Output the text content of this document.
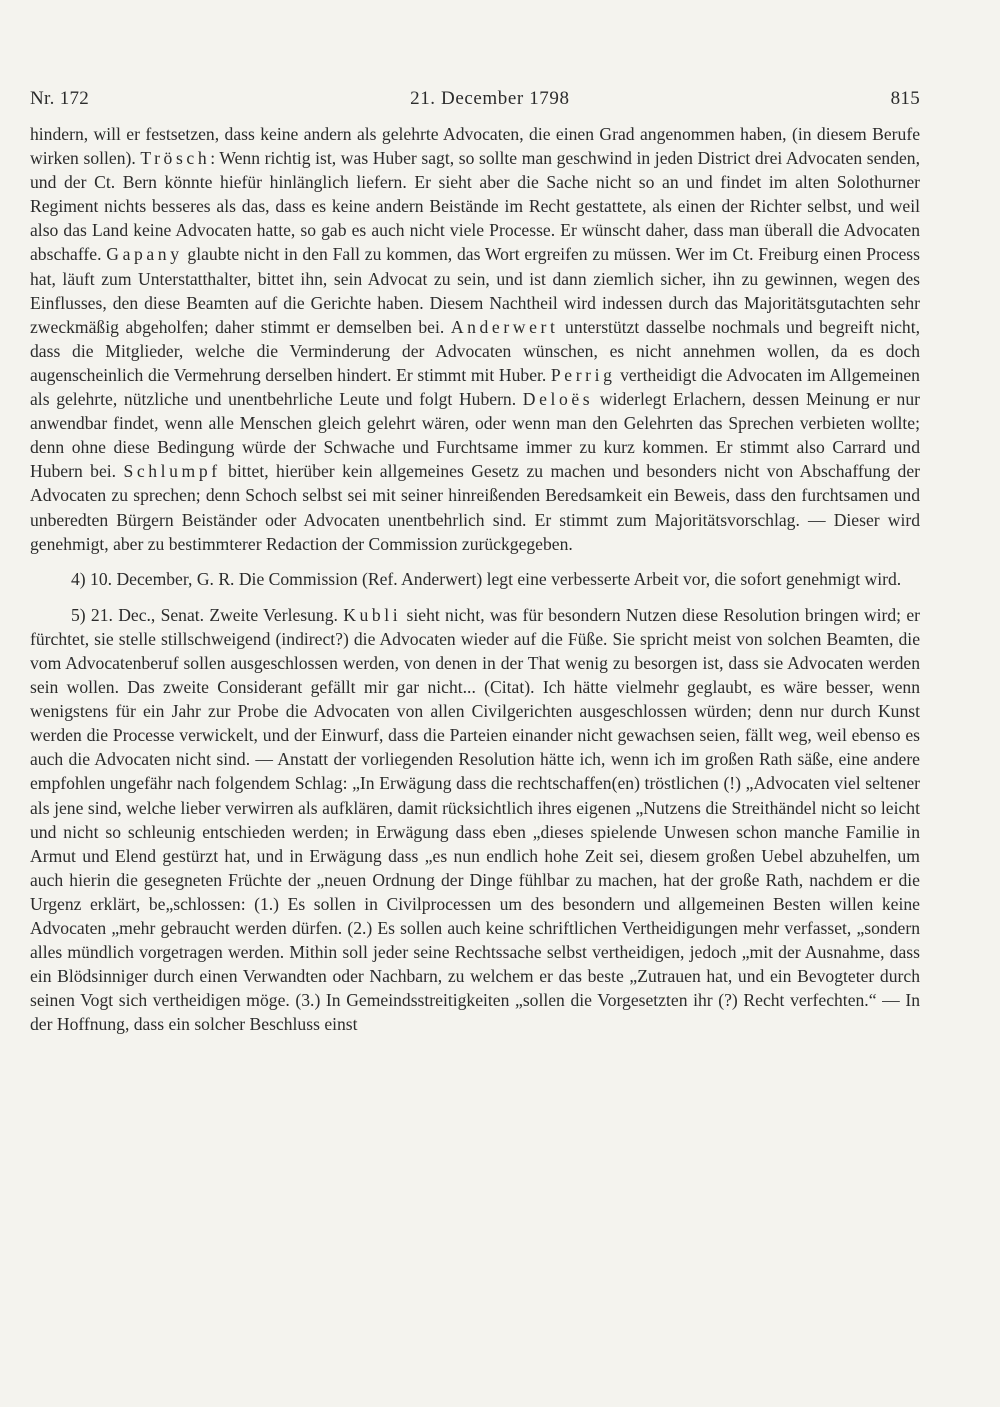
Nr. 172	21. December 1798	815

hindern, will er festsetzen, dass keine andern als gelehrte Advocaten, die einen Grad angenommen haben, (in diesem Berufe wirken sollen). Trösch: Wenn richtig ist, was Huber sagt, so sollte man geschwind in jeden District drei Advocaten senden, und der Ct. Bern könnte hiefür hinlänglich liefern. Er sieht aber die Sache nicht so an und findet im alten Solothurner Regiment nichts besseres als das, dass es keine andern Beistände im Recht gestattete, als einen der Richter selbst, und weil also das Land keine Advocaten hatte, so gab es auch nicht viele Processe. Er wünscht daher, dass man überall die Advocaten abschaffe. Gapany glaubte nicht in den Fall zu kommen, das Wort ergreifen zu müssen. Wer im Ct. Freiburg einen Process hat, läuft zum Unterstatthalter, bittet ihn, sein Advocat zu sein, und ist dann ziemlich sicher, ihn zu gewinnen, wegen des Einflusses, den diese Beamten auf die Gerichte haben. Diesem Nachtheil wird indessen durch das Majoritätsgutachten sehr zweckmäßig abgeholfen; daher stimmt er demselben bei. Anderwert unterstützt dasselbe nochmals und begreift nicht, dass die Mitglieder, welche die Verminderung der Advocaten wünschen, es nicht annehmen wollen, da es doch augenscheinlich die Vermehrung derselben hindert. Er stimmt mit Huber. Perrig vertheidigt die Advocaten im Allgemeinen als gelehrte, nützliche und unentbehrliche Leute und folgt Hubern. Deloës widerlegt Erlachern, dessen Meinung er nur anwendbar findet, wenn alle Menschen gleich gelehrt wären, oder wenn man den Gelehrten das Sprechen verbieten wollte; denn ohne diese Bedingung würde der Schwache und Furchtsame immer zu kurz kommen. Er stimmt also Carrard und Hubern bei. Schlumpf bittet, hierüber kein allgemeines Gesetz zu machen und besonders nicht von Abschaffung der Advocaten zu sprechen; denn Schoch selbst sei mit seiner hinreißenden Beredsamkeit ein Beweis, dass den furchtsamen und unberedten Bürgern Beiständer oder Advocaten unentbehrlich sind. Er stimmt zum Majoritätsvorschlag. — Dieser wird genehmigt, aber zu bestimmterer Redaction der Commission zurückgegeben.

4) 10. December, G. R. Die Commission (Ref. Anderwert) legt eine verbesserte Arbeit vor, die sofort genehmigt wird.

5) 21. Dec., Senat. Zweite Verlesung. Kubli sieht nicht, was für besondern Nutzen diese Resolution bringen wird; er fürchtet, sie stelle stillschweigend (indirect?) die Advocaten wieder auf die Füße. Sie spricht meist von solchen Beamten, die vom Advocatenberuf sollen ausgeschlossen werden, von denen in der That wenig zu besorgen ist, dass sie Advocaten werden sein wollen. Das zweite Considerant gefällt mir gar nicht... (Citat). Ich hätte vielmehr geglaubt, es wäre besser, wenn wenigstens für ein Jahr zur Probe die Advocaten von allen Civilgerichten ausgeschlossen würden; denn nur durch Kunst werden die Processe verwickelt, und der Einwurf, dass die Parteien einander nicht gewachsen seien, fällt weg, weil ebenso es auch die Advocaten nicht sind. — Anstatt der vorliegenden Resolution hätte ich, wenn ich im großen Rath säße, eine andere empfohlen ungefähr nach folgendem Schlag: „In Erwägung dass die rechtschaffen(en) tröstlichen (!) „Advocaten viel seltener als jene sind, welche lieber verwirren als aufklären, damit rücksichtlich ihres eigenen „Nutzens die Streithändel nicht so leicht und nicht so schleunig entschieden werden; in Erwägung dass eben „dieses spielende Unwesen schon manche Familie in Armut und Elend gestürzt hat, und in Erwägung dass „es nun endlich hohe Zeit sei, diesem großen Uebel abzuhelfen, um auch hierin die gesegneten Früchte der „neuen Ordnung der Dinge fühlbar zu machen, hat der große Rath, nachdem er die Urgenz erklärt, be„schlossen: (1.) Es sollen in Civilprocessen um des besondern und allgemeinen Besten willen keine Advocaten „mehr gebraucht werden dürfen. (2.) Es sollen auch keine schriftlichen Vertheidigungen mehr verfasset, „sondern alles mündlich vorgetragen werden. Mithin soll jeder seine Rechtssache selbst vertheidigen, jedoch „mit der Ausnahme, dass ein Blödsinniger durch einen Verwandten oder Nachbarn, zu welchem er das beste „Zutrauen hat, und ein Bevogteter durch seinen Vogt sich vertheidigen möge. (3.) In Gemeindsstreitigkeiten „sollen die Vorgesetzten ihr (?) Recht verfechten.“ — In der Hoffnung, dass ein solcher Beschluss einst
